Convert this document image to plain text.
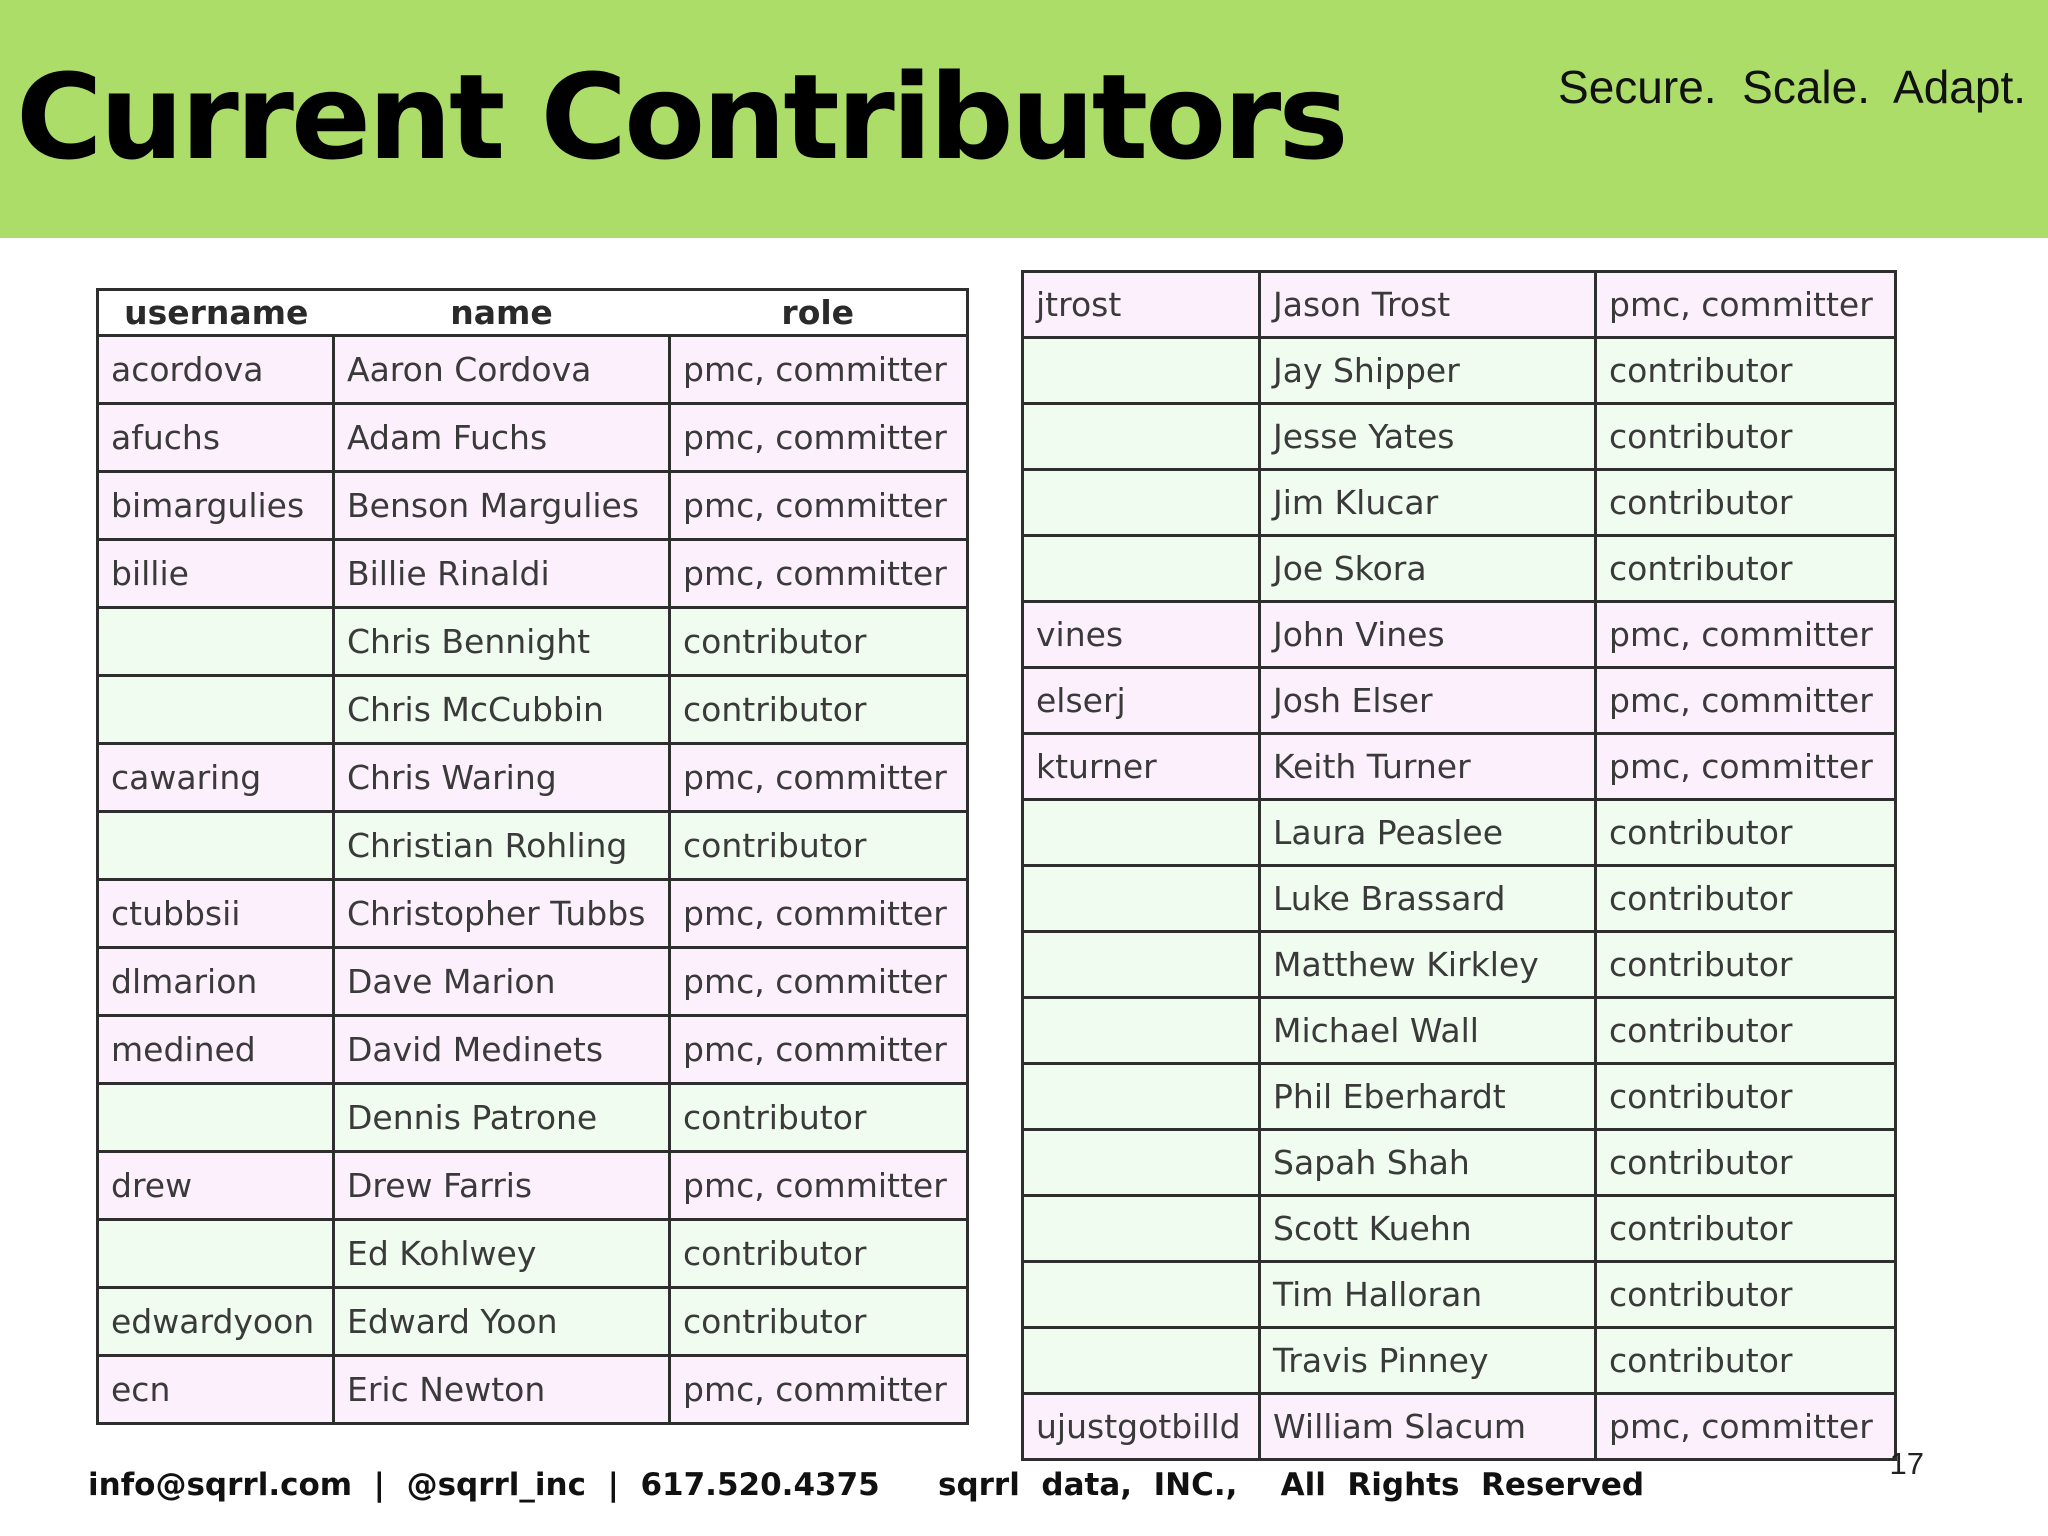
Current Contributors	Secure.  Scale.  Adapt.
username	name	role
acordova	Aaron Cordova	pmc, committer
afuchs	Adam Fuchs	pmc, committer
bimargulies	Benson Margulies	pmc, committer
billie	Billie Rinaldi	pmc, committer
	Chris Bennight	contributor
	Chris McCubbin	contributor
cawaring	Chris Waring	pmc, committer
	Christian Rohling	contributor
ctubbsii	Christopher Tubbs	pmc, committer
dlmarion	Dave Marion	pmc, committer
medined	David Medinets	pmc, committer
	Dennis Patrone	contributor
drew	Drew Farris	pmc, committer
	Ed Kohlwey	contributor
edwardyoon	Edward Yoon	contributor
ecn	Eric Newton	pmc, committer
jtrost	Jason Trost	pmc, committer
	Jay Shipper	contributor
	Jesse Yates	contributor
	Jim Klucar	contributor
	Joe Skora	contributor
vines	John Vines	pmc, committer
elserj	Josh Elser	pmc, committer
kturner	Keith Turner	pmc, committer
	Laura Peaslee	contributor
	Luke Brassard	contributor
	Matthew Kirkley	contributor
	Michael Wall	contributor
	Phil Eberhardt	contributor
	Sapah Shah	contributor
	Scott Kuehn	contributor
	Tim Halloran	contributor
	Travis Pinney	contributor
ujustgotbilld	William Slacum	pmc, committer
info@sqrrl.com  |  @sqrrl_inc  |  617.520.4375 sqrrl  data,  INC.,    All  Rights  Reserved
17
